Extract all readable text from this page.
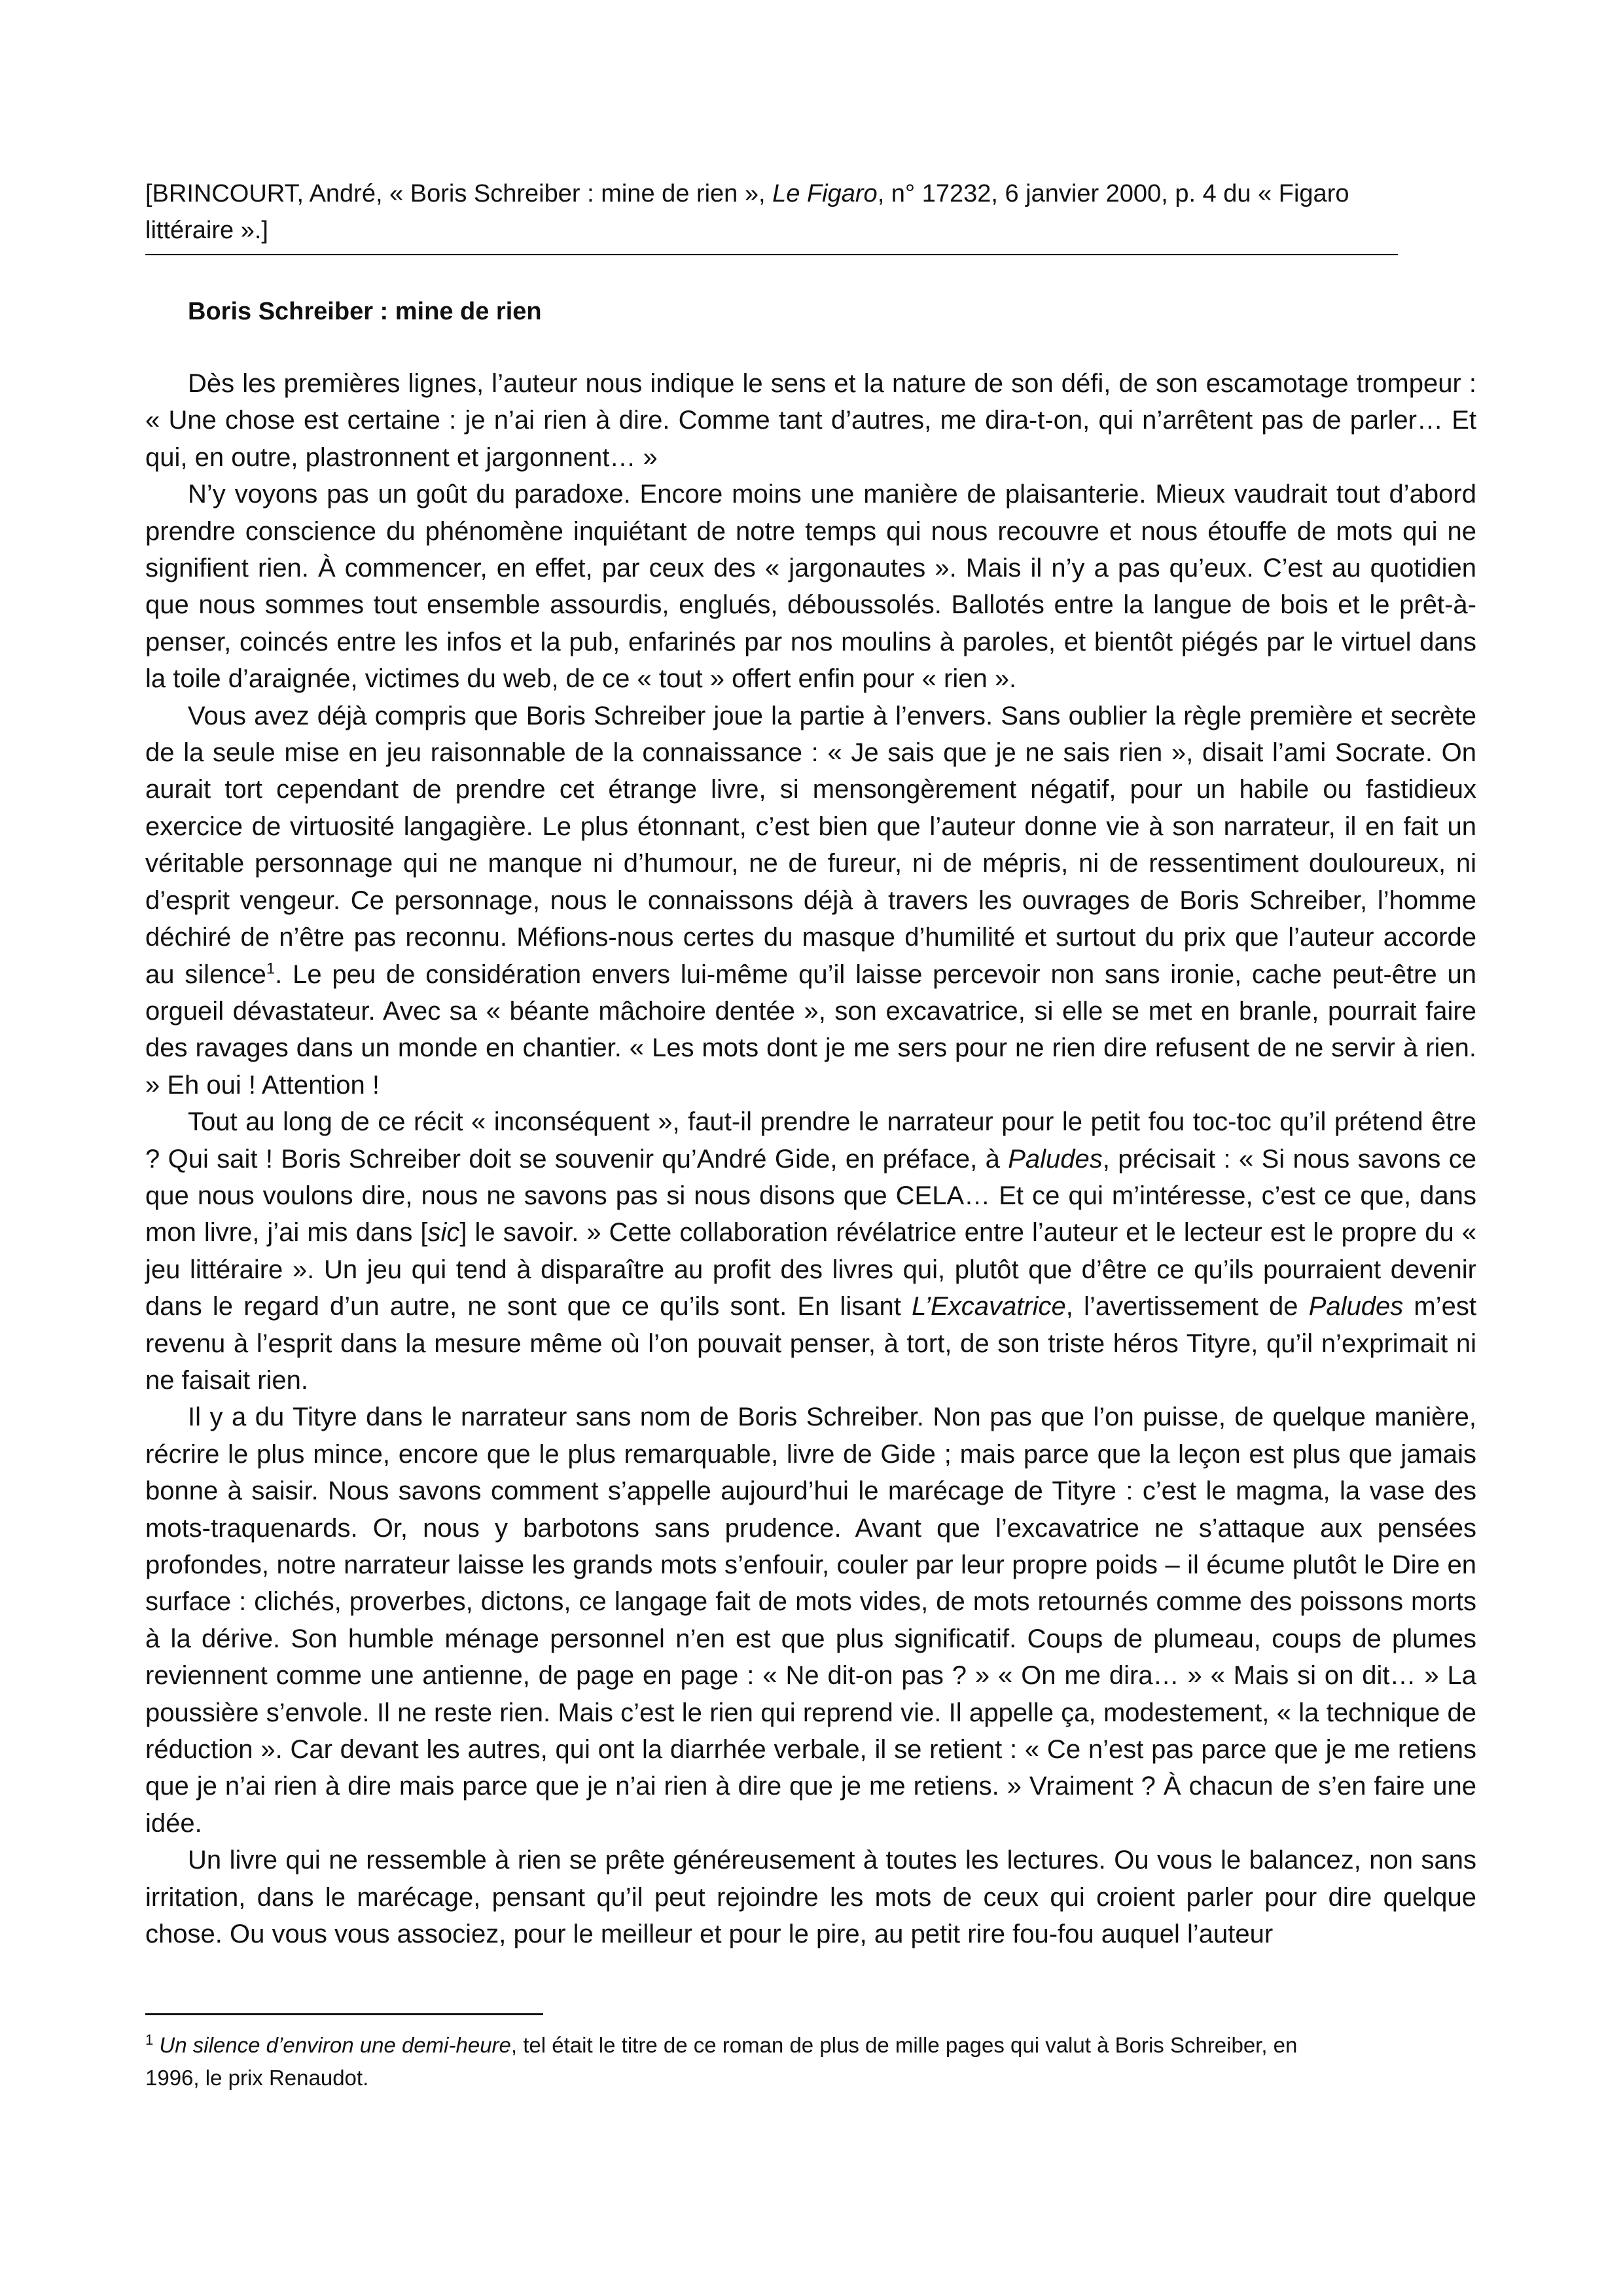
[BRINCOURT, André, « Boris Schreiber : mine de rien », Le Figaro, n° 17232, 6 janvier 2000, p. 4 du « Figaro littéraire ».]
Boris Schreiber : mine de rien

Dès les premières lignes, l’auteur nous indique le sens et la nature de son défi, de son escamotage trompeur : « Une chose est certaine : je n’ai rien à dire. Comme tant d’autres, me dira-t-on, qui n’arrêtent pas de parler… Et qui, en outre, plastronnent et jargonnent… »

N’y voyons pas un goût du paradoxe. Encore moins une manière de plaisanterie. Mieux vaudrait tout d’abord prendre conscience du phénomène inquiétant de notre temps qui nous recouvre et nous étouffe de mots qui ne signifient rien. À commencer, en effet, par ceux des « jargonautes ». Mais il n’y a pas qu’eux. C’est au quotidien que nous sommes tout ensemble assourdis, englués, déboussolés. Ballotés entre la langue de bois et le prêt-à-penser, coincés entre les infos et la pub, enfarinés par nos moulins à paroles, et bientôt piégés par le virtuel dans la toile d’araignée, victimes du web, de ce « tout » offert enfin pour « rien ».

Vous avez déjà compris que Boris Schreiber joue la partie à l’envers. Sans oublier la règle première et secrète de la seule mise en jeu raisonnable de la connaissance : « Je sais que je ne sais rien », disait l’ami Socrate. On aurait tort cependant de prendre cet étrange livre, si mensongèrement négatif, pour un habile ou fastidieux exercice de virtuosité langagière. Le plus étonnant, c’est bien que l’auteur donne vie à son narrateur, il en fait un véritable personnage qui ne manque ni d’humour, ne de fureur, ni de mépris, ni de ressentiment douloureux, ni d’esprit vengeur. Ce personnage, nous le connaissons déjà à travers les ouvrages de Boris Schreiber, l’homme déchiré de n’être pas reconnu. Méfions-nous certes du masque d’humilité et surtout du prix que l’auteur accorde au silence$^1$. Le peu de considération envers lui-même qu’il laisse percevoir non sans ironie, cache peut-être un orgueil dévastateur. Avec sa « béante mâchoire dentée », son excavatrice, si elle se met en branle, pourrait faire des ravages dans un monde en chantier. « Les mots dont je me sers pour ne rien dire refusent de ne servir à rien. » Eh oui ! Attention !

Tout au long de ce récit « inconséquent », faut-il prendre le narrateur pour le petit fou toc-toc qu’il prétend être ? Qui sait ! Boris Schreiber doit se souvenir qu’André Gide, en préface, à Paludes, précisait : « Si nous savons ce que nous voulons dire, nous ne savons pas si nous disons que CELA… Et ce qui m’intéresse, c’est ce que, dans mon livre, j’ai mis dans [sic] le savoir. » Cette collaboration révélatrice entre l’auteur et le lecteur est le propre du « jeu littéraire ». Un jeu qui tend à disparaître au profit des livres qui, plutôt que d’être ce qu’ils pourraient devenir dans le regard d’un autre, ne sont que ce qu’ils sont. En lisant L’Excavatrice, l’avertissement de Paludes m’est revenu à l’esprit dans la mesure même où l’on pouvait penser, à tort, de son triste héros Tityre, qu’il n’exprimait ni ne faisait rien.

Il y a du Tityre dans le narrateur sans nom de Boris Schreiber. Non pas que l’on puisse, de quelque manière, récrire le plus mince, encore que le plus remarquable, livre de Gide ; mais parce que la leçon est plus que jamais bonne à saisir. Nous savons comment s’appelle aujourd’hui le marécage de Tityre : c’est le magma, la vase des mots-traquenards. Or, nous y barbotons sans prudence. Avant que l’excavatrice ne s’attaque aux pensées profondes, notre narrateur laisse les grands mots s’enfouir, couler par leur propre poids – il écume plutôt le Dire en surface : clichés, proverbes, dictons, ce langage fait de mots vides, de mots retournés comme des poissons morts à la dérive. Son humble ménage personnel n’en est que plus significatif. Coups de plumeau, coups de plumes reviennent comme une antienne, de page en page : « Ne dit-on pas ? » « On me dira… » « Mais si on dit… » La poussière s’envole. Il ne reste rien. Mais c’est le rien qui reprend vie. Il appelle ça, modestement, « la technique de réduction ». Car devant les autres, qui ont la diarrhée verbale, il se retient : « Ce n’est pas parce que je me retiens que je n’ai rien à dire mais parce que je n’ai rien à dire que je me retiens. » Vraiment ? À chacun de s’en faire une idée.

Un livre qui ne ressemble à rien se prête généreusement à toutes les lectures. Ou vous le balancez, non sans irritation, dans le marécage, pensant qu’il peut rejoindre les mots de ceux qui croient parler pour dire quelque chose. Ou vous vous associez, pour le meilleur et pour le pire, au petit rire fou-fou auquel l’auteur

$^1$ Un silence d’environ une demi-heure, tel était le titre de ce roman de plus de mille pages qui valut à Boris Schreiber, en 1996, le prix Renaudot.
